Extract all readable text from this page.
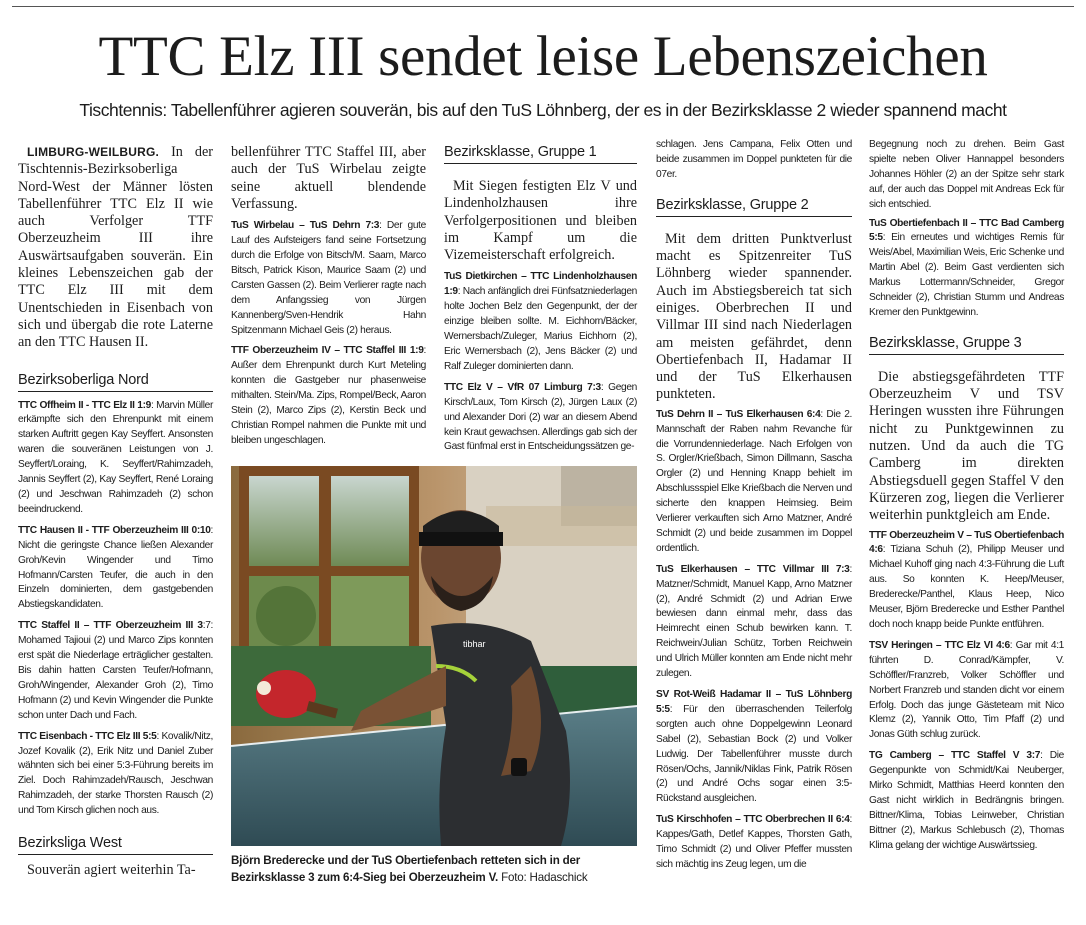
TTC Elz III sendet leise Lebenszeichen
Tischtennis: Tabellenführer agieren souverän, bis auf den TuS Löhnberg, der es in der Bezirksklasse 2 wieder spannend macht

LIMBURG-WEILBURG. In der Tischtennis-Bezirksoberliga Nord-West der Männer lösten Tabellenführer TTC Elz II wie auch Verfolger TTF Oberzeuzheim III ihre Auswärtsaufgaben souverän. Ein kleines Lebenszeichen gab der TTC Elz III mit dem Unentschieden in Eisenbach von sich und übergab die rote Laterne an den TTC Hausen II.

Bezirksoberliga Nord

TTC Offheim II - TTC Elz II 1:9: Marvin Müller erkämpfte sich den Ehrenpunkt mit einem starken Auftritt gegen Kay Seyffert. Ansonsten waren die souveränen Leistungen von J. Seyffert/Loraing, K. Seyffert/Rahimzadeh, Jannis Seyffert (2), Kay Seyffert, René Loraing (2) und Jeschwan Rahimzadeh (2) schon beeindruckend.

TTC Hausen II - TTF Oberzeuzheim III 0:10: Nicht die geringste Chance ließen Alexander Groh/Kevin Wingender und Timo Hofmann/Carsten Teufer, die auch in den Einzeln dominierten, dem gastgebenden Abstiegskandidaten.

TTC Staffel II – TTF Oberzeuzheim III 3:7: Mohamed Tajioui (2) und Marco Zips konnten erst spät die Niederlage erträglicher gestalten. Bis dahin hatten Carsten Teufer/Hofmann, Groh/Wingender, Alexander Groh (2), Timo Hofmann (2) und Kevin Wingender die Punkte schon unter Dach und Fach.

TTC Eisenbach - TTC Elz III 5:5: Kovalik/Nitz, Jozef Kovalik (2), Erik Nitz und Daniel Zuber wähnten sich bei einer 5:3-Führung bereits im Ziel. Doch Rahimzadeh/Rausch, Jeschwan Rahimzadeh, der starke Thorsten Rausch (2) und Tom Kirsch glichen noch aus.

Bezirksliga West

Souverän agiert weiterhin Ta-

bellenführer TTC Staffel III, aber auch der TuS Wirbelau zeigte seine aktuell blendende Verfassung.

TuS Wirbelau – TuS Dehrn 7:3: Der gute Lauf des Aufsteigers fand seine Fortsetzung durch die Erfolge von Bitsch/M. Saam, Marco Bitsch, Patrick Kison, Maurice Saam (2) und Carsten Gassen (2). Beim Verlierer ragte nach dem Anfangssieg von Jürgen Kannenberg/Sven-Hendrik Hahn Spitzenmann Michael Geis (2) heraus.

TTF Oberzeuzheim IV – TTC Staffel III 1:9: Außer dem Ehrenpunkt durch Kurt Meteling konnten die Gastgeber nur phasenweise mithalten. Stein/Ma. Zips, Rompel/Beck, Aaron Stein (2), Marco Zips (2), Kerstin Beck und Christian Rompel nahmen die Punkte mit und bleiben ungeschlagen.

Bezirksklasse, Gruppe 1

Mit Siegen festigten Elz V und Lindenholzhausen ihre Verfolgerpositionen und bleiben im Kampf um die Vizemeisterschaft erfolgreich.

TuS Dietkirchen – TTC Lindenholzhausen 1:9: Nach anfänglich drei Fünfsatzniederlagen holte Jochen Belz den Gegenpunkt, der der einzige bleiben sollte. M. Eichhorn/Bäcker, Wernersbach/Zuleger, Marius Eichhorn (2), Eric Wernersbach (2), Jens Bäcker (2) und Ralf Zuleger dominierten dann.

TTC Elz V – VfR 07 Limburg 7:3: Gegen Kirsch/Laux, Tom Kirsch (2), Jürgen Laux (2) und Alexander Dori (2) war an diesem Abend kein Kraut gewachsen. Allerdings gab sich der Gast fünfmal erst in Entscheidungssätzen ge-

schlagen. Jens Campana, Felix Otten und beide zusammen im Doppel punkteten für die 07er.

Bezirksklasse, Gruppe 2

Mit dem dritten Punktverlust macht es Spitzenreiter TuS Löhnberg wieder spannender. Auch im Abstiegsbereich tat sich einiges. Oberbrechen II und Villmar III sind nach Niederlagen am meisten gefährdet, denn Obertiefenbach II, Hadamar II und der TuS Elkerhausen punkteten.

TuS Dehrn II – TuS Elkerhausen 6:4: Die 2. Mannschaft der Raben nahm Revanche für die Vorrundenniederlage. Nach Erfolgen von S. Orgler/Krießbach, Simon Dillmann, Sascha Orgler (2) und Henning Knapp behielt im Abschlussspiel Elke Krießbach die Nerven und sicherte den knappen Heimsieg. Beim Verlierer verkauften sich Arno Matzner, André Schmidt (2) und beide zusammen im Doppel ordentlich.

TuS Elkerhausen – TTC Villmar III 7:3: Matzner/Schmidt, Manuel Kapp, Arno Matzner (2), André Schmidt (2) und Adrian Erwe bewiesen dann einmal mehr, dass das Heimrecht einen Schub bewirken kann. T. Reichwein/Julian Schütz, Torben Reichwein und Ulrich Müller konnten am Ende nicht mehr zulegen.

SV Rot-Weiß Hadamar II – TuS Löhnberg 5:5: Für den überraschenden Teilerfolg sorgten auch ohne Doppelgewinn Leonard Sabel (2), Sebastian Bock (2) und Volker Ludwig. Der Tabellenführer musste durch Rösen/Ochs, Jannik/Niklas Fink, Patrik Rösen (2) und André Ochs sogar einen 3:5-Rückstand ausgleichen.

TuS Kirschhofen – TTC Oberbrechen II 6:4: Kappes/Gath, Detlef Kappes, Thorsten Gath, Timo Schmidt (2) und Oliver Pfeffer mussten sich mächtig ins Zeug legen, um die

Begegnung noch zu drehen. Beim Gast spielte neben Oliver Hannappel besonders Johannes Höhler (2) an der Spitze sehr stark auf, der auch das Doppel mit Andreas Eck für sich entschied.

TuS Obertiefenbach II – TTC Bad Camberg 5:5: Ein erneutes und wichtiges Remis für Weis/Abel, Maximilian Weis, Eric Schenke und Martin Abel (2). Beim Gast verdienten sich Markus Lottermann/Schneider, Gregor Schneider (2), Christian Stumm und Andreas Kremer den Punktgewinn.

Bezirksklasse, Gruppe 3

Die abstiegsgefährdeten TTF Oberzeuzheim V und TSV Heringen wussten ihre Führungen nicht zu Punktgewinnen zu nutzen. Und da auch die TG Camberg im direkten Abstiegsduell gegen Staffel V den Kürzeren zog, liegen die Verlierer weiterhin punktgleich am Ende.

TTF Oberzeuzheim V – TuS Obertiefenbach 4:6: Tiziana Schuh (2), Philipp Meuser und Michael Kuhoff ging nach 4:3-Führung die Luft aus. So konnten K. Heep/Meuser, Brederecke/Panthel, Klaus Heep, Nico Meuser, Björn Brederecke und Esther Panthel doch noch knapp beide Punkte entführen.

TSV Heringen – TTC Elz VI 4:6: Gar mit 4:1 führten D. Conrad/Kämpfer, V. Schöffler/Franzreb, Volker Schöffler und Norbert Franzreb und standen dicht vor einem Erfolg. Doch das junge Gästeteam mit Nico Klemz (2), Yannik Otto, Tim Pfaff (2) und Jonas Güth schlug zurück.

TG Camberg – TTC Staffel V 3:7: Die Gegenpunkte von Schmidt/Kai Neuberger, Mirko Schmidt, Matthias Heerd konnten den Gast nicht wirklich in Bedrängnis bringen. Bittner/Klima, Tobias Leinweber, Christian Bittner (2), Markus Schlebusch (2), Thomas Klima gelang der wichtige Auswärtssieg.

tibhar
Björn Brederecke und der TuS Obertiefenbach retteten sich in der Bezirksklasse 3 zum 6:4-Sieg bei Oberzeuzheim V. Foto: Hadaschick
